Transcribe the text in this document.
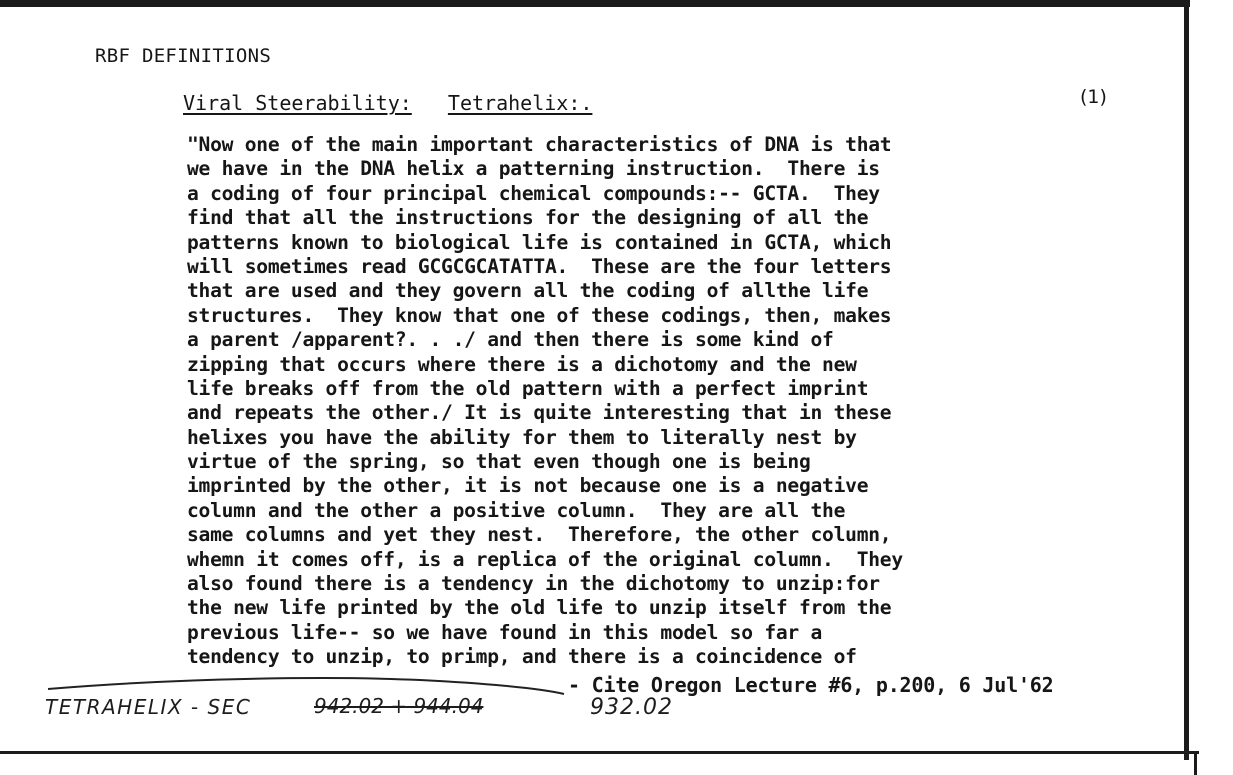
RBF DEFINITIONS
Viral Steerability: Tetrahelix:.	(1)
"Now one of the main important characteristics of DNA is that
we have in the DNA helix a patterning instruction.  There is
a coding of four principal chemical compounds:-- GCTA.  They
find that all the instructions for the designing of all the
patterns known to biological life is contained in GCTA, which
will sometimes read GCGCGCATATTA.  These are the four letters
that are used and they govern all the coding of allthe life
structures.  They know that one of these codings, then, makes
a parent /apparent?. . ./ and then there is some kind of
zipping that occurs where there is a dichotomy and the new
life breaks off from the old pattern with a perfect imprint
and repeats the other./ It is quite interesting that in these
helixes you have the ability for them to literally nest by
virtue of the spring, so that even though one is being
imprinted by the other, it is not because one is a negative
column and the other a positive column.  They are all the
same columns and yet they nest.  Therefore, the other column,
whemn it comes off, is a replica of the original column.  They
also found there is a tendency in the dichotomy to unzip:for
the new life printed by the old life to unzip itself from the
previous life-- so we have found in this model so far a
tendency to unzip, to primp, and there is a coincidence of
- Cite Oregon Lecture #6, p.200, 6 Jul'62
TETRAHELIX - SEC	942.02 + 944.04	932.02
